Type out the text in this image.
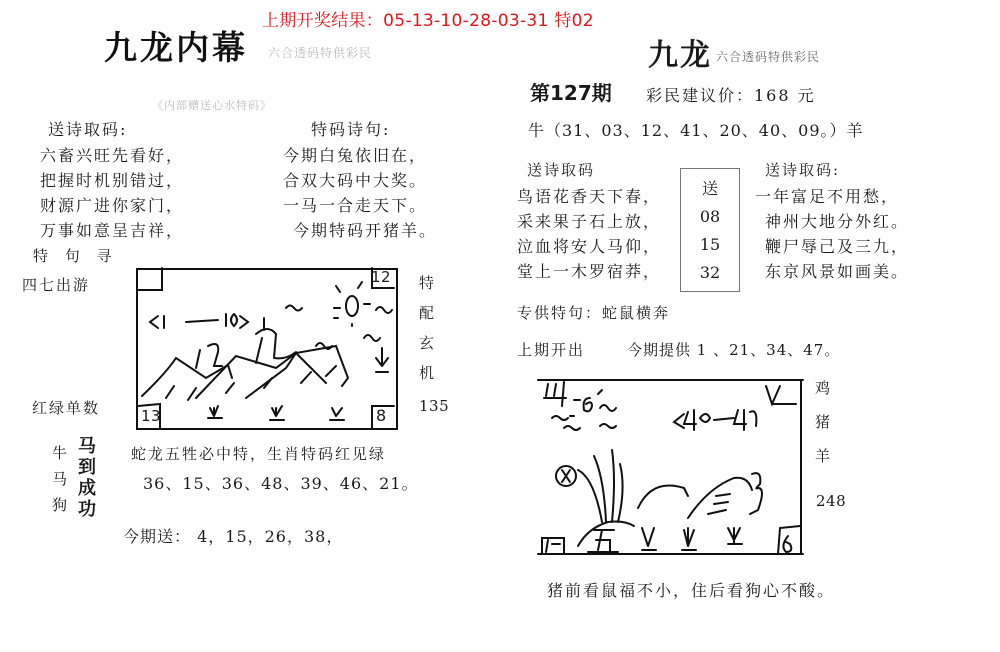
上期开奖结果：05-13-10-28-03-31 特02
九龙内幕 六合透码特供彩民
《内部赠送心水特码》
送诗取码:
六畜兴旺先看好，
把握时机别错过，
财源广进你家门，
万事如意呈吉祥，
特码诗句:
今期白兔依旧在，
合双大码中大奖。
一马一合走天下。
今期特码开猪羊。
特 句 寻
四七出游
红绿单数
12
13	8
特
配
玄
机
135
牛
马
狗
马
到
成
功
蛇龙五牲必中特，生肖特码红见绿
36、15、36、48、39、46、21。
今期送： 4，15，26，38，
九龙 六合透码特供彩民
第127期 彩民建议价：168 元
牛（31、03、12、41、20、40、09。）羊
送诗取码
鸟语花香天下春，
采来果子石上放，
泣血将安人马仰，
堂上一木罗宿莽，
送
08
15
32
送诗取码:
一年富足不用愁，
神州大地分外红。
鞭尸辱己及三九，
东京风景如画美。
专供特句：蛇鼠横奔
上期开出	今期提供 1 、21、34、47。
鸡
猪
羊
248
猪前看鼠福不小，住后看狗心不酸。
